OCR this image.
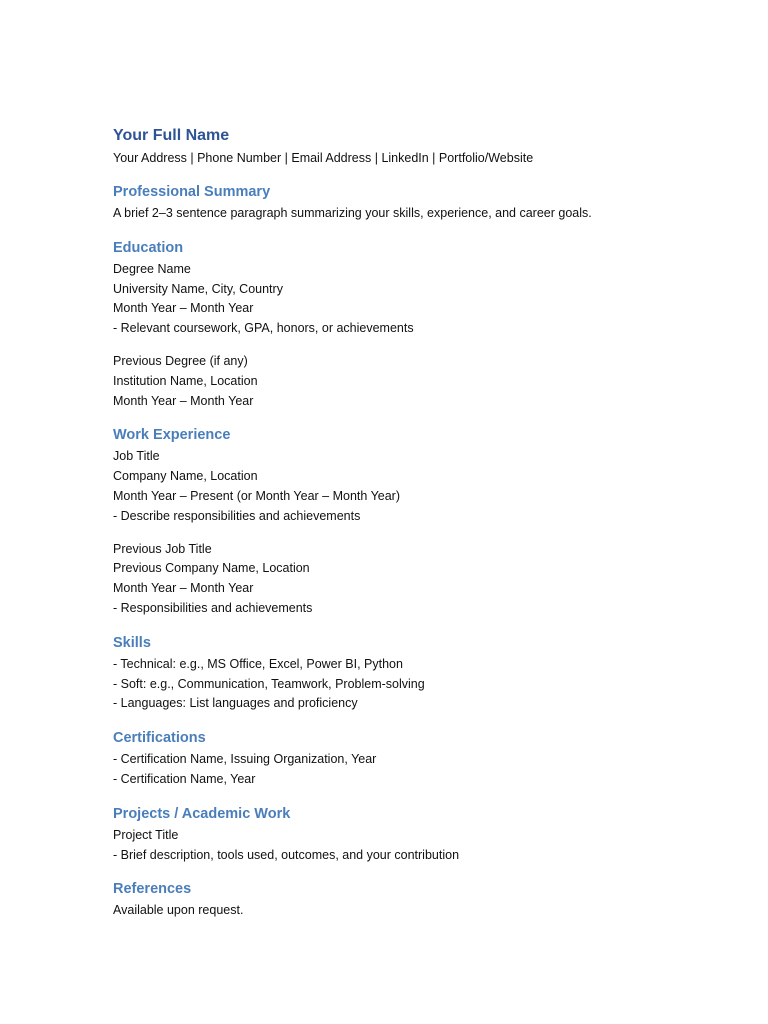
Your Full Name

Your Address | Phone Number | Email Address | LinkedIn | Portfolio/Website

Professional Summary

A brief 2–3 sentence paragraph summarizing your skills, experience, and career goals.

Education

Degree Name

University Name, City, Country

Month Year – Month Year

- Relevant coursework, GPA, honors, or achievements

Previous Degree (if any)

Institution Name, Location

Month Year – Month Year

Work Experience

Job Title

Company Name, Location

Month Year – Present (or Month Year – Month Year)

- Describe responsibilities and achievements

Previous Job Title

Previous Company Name, Location

Month Year – Month Year

- Responsibilities and achievements

Skills

- Technical: e.g., MS Office, Excel, Power BI, Python

- Soft: e.g., Communication, Teamwork, Problem-solving

- Languages: List languages and proficiency

Certifications

- Certification Name, Issuing Organization, Year

- Certification Name, Year

Projects / Academic Work

Project Title

- Brief description, tools used, outcomes, and your contribution

References

Available upon request.
